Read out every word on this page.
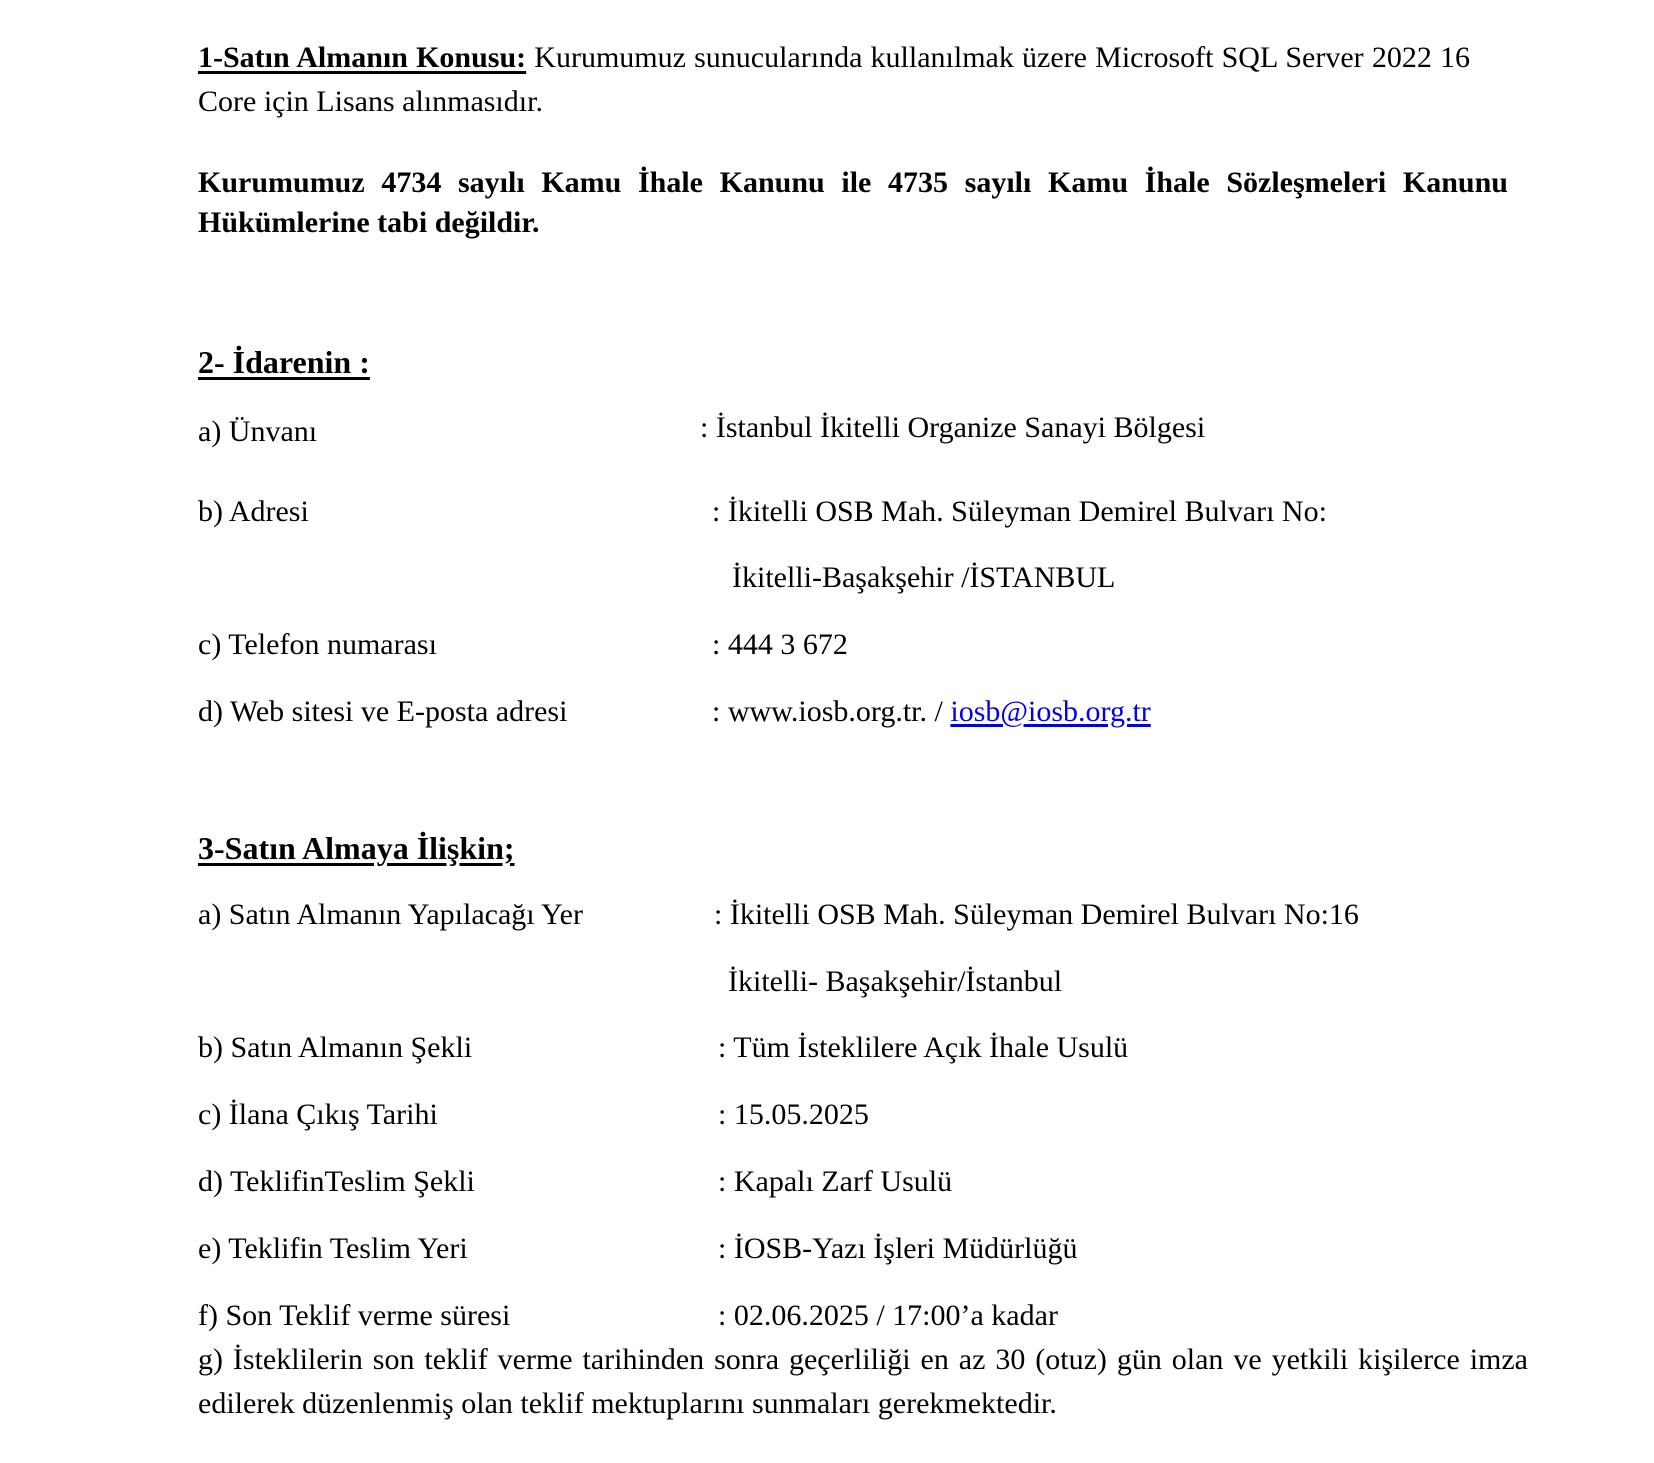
1-Satın Almanın Konusu: Kurumumuz sunucularında kullanılmak üzere Microsoft SQL Server 2022 16 Core için Lisans alınmasıdır.
Kurumumuz 4734 sayılı Kamu İhale Kanunu ile 4735 sayılı Kamu İhale Sözleşmeleri Kanunu Hükümlerine tabi değildir.
2- İdarenin :
a) Ünvanı	: İstanbul İkitelli Organize Sanayi Bölgesi
b) Adresi	: İkitelli OSB Mah. Süleyman Demirel Bulvarı No:
İkitelli-Başakşehir /İSTANBUL
c) Telefon numarası	: 444 3 672
d) Web sitesi ve E-posta adresi	: www.iosb.org.tr. / iosb@iosb.org.tr
3-Satın Almaya İlişkin;
a) Satın Almanın Yapılacağı Yer	: İkitelli OSB Mah. Süleyman Demirel Bulvarı No:16
İkitelli- Başakşehir/İstanbul
b) Satın Almanın Şekli	: Tüm İsteklilere Açık İhale Usulü
c) İlana Çıkış Tarihi	: 15.05.2025
d) TeklifinTeslim Şekli	: Kapalı Zarf Usulü
e) Teklifin Teslim Yeri	: İOSB-Yazı İşleri Müdürlüğü
f) Son Teklif verme süresi	: 02.06.2025 / 17:00’a kadar
g) İsteklilerin son teklif verme tarihinden sonra geçerliliği en az 30 (otuz) gün olan ve yetkili kişilerce imza edilerek düzenlenmiş olan teklif mektuplarını sunmaları gerekmektedir.
